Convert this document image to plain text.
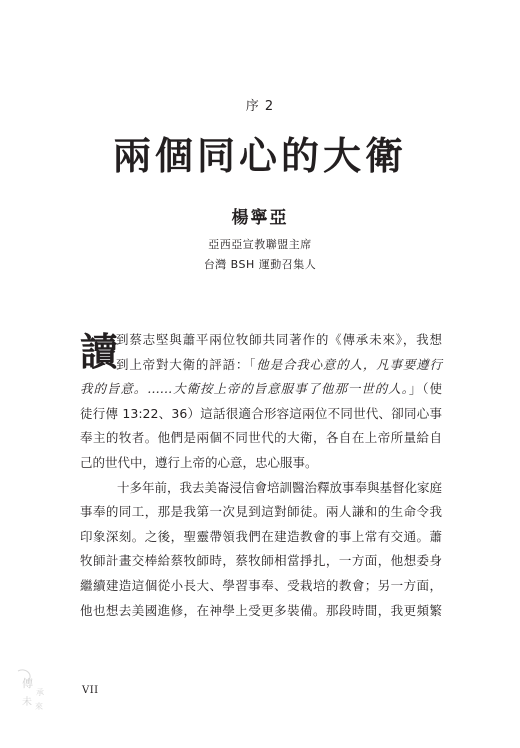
序 2
兩個同心的大衛
楊寧亞
亞西亞宣教聯盟主席
台灣 BSH 運動召集人
讀
到蔡志堅與蕭平兩位牧師共同著作的《傳承未來》，我想
到上帝對大衛的評語：「他是合我心意的人，凡事要遵行
我的旨意。……大衛按上帝的旨意服事了他那一世的人。」（使
徒行傳 13:22、36）這話很適合形容這兩位不同世代、卻同心事
奉主的牧者。他們是兩個不同世代的大衛，各自在上帝所量給自
己的世代中，遵行上帝的心意，忠心服事。
十多年前，我去美崙浸信會培訓醫治釋放事奉與基督化家庭
事奉的同工，那是我第一次見到這對師徒。兩人謙和的生命令我
印象深刻。之後，聖靈帶領我們在建造教會的事上常有交通。蕭
牧師計畫交棒給蔡牧師時，蔡牧師相當掙扎，一方面，他想委身
繼續建造這個從小長大、學習事奉、受栽培的教會；另一方面，
他也想去美國進修，在神學上受更多裝備。那段時間，我更頻繁
傳
承
未 來
VII
